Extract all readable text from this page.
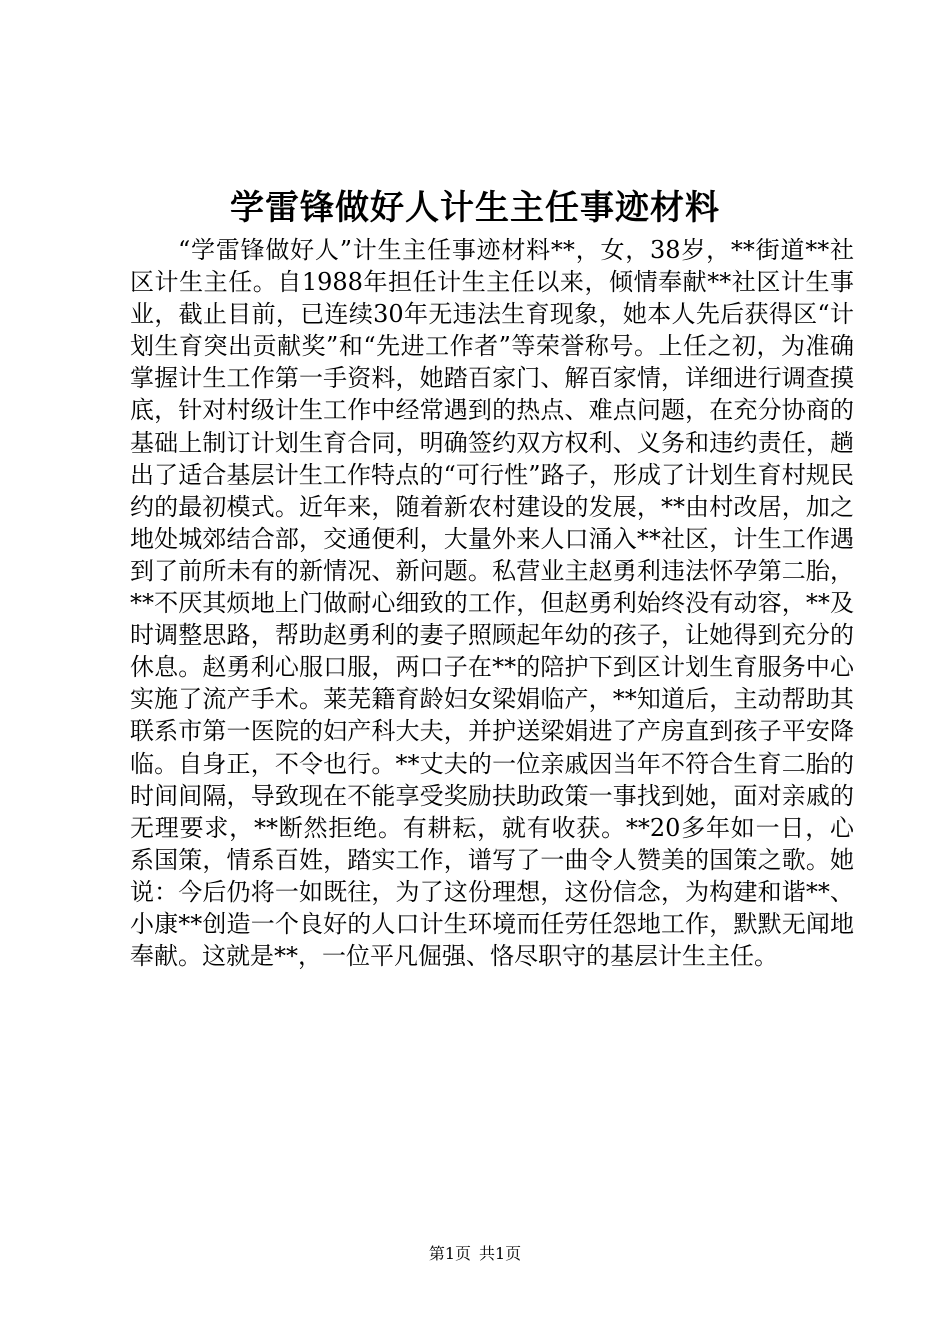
学雷锋做好人计生主任事迹材料

“学雷锋做好人”计生主任事迹材料**，女，38岁，**街道**社区计生主任。自1988年担任计生主任以来，倾情奉献**社区计生事业，截止目前，已连续30年无违法生育现象，她本人先后获得区“计划生育突出贡献奖”和“先进工作者”等荣誉称号。上任之初，为准确掌握计生工作第一手资料，她踏百家门、解百家情，详细进行调查摸底，针对村级计生工作中经常遇到的热点、难点问题，在充分协商的基础上制订计划生育合同，明确签约双方权利、义务和违约责任，趟出了适合基层计生工作特点的“可行性”路子，形成了计划生育村规民约的最初模式。近年来，随着新农村建设的发展，**由村改居，加之地处城郊结合部，交通便利，大量外来人口涌入**社区，计生工作遇到了前所未有的新情况、新问题。私营业主赵勇利违法怀孕第二胎，**不厌其烦地上门做耐心细致的工作，但赵勇利始终没有动容，**及时调整思路，帮助赵勇利的妻子照顾起年幼的孩子，让她得到充分的休息。赵勇利心服口服，两口子在**的陪护下到区计划生育服务中心实施了流产手术。莱芜籍育龄妇女梁娟临产，**知道后，主动帮助其联系市第一医院的妇产科大夫，并护送梁娟进了产房直到孩子平安降临。自身正，不令也行。**丈夫的一位亲戚因当年不符合生育二胎的时间间隔，导致现在不能享受奖励扶助政策一事找到她，面对亲戚的无理要求，**断然拒绝。有耕耘，就有收获。**20多年如一日，心系国策，情系百姓，踏实工作，谱写了一曲令人赞美的国策之歌。她说：今后仍将一如既往，为了这份理想，这份信念，为构建和谐**、小康**创造一个良好的人口计生环境而任劳任怨地工作，默默无闻地奉献。这就是**，一位平凡倔强、恪尽职守的基层计生主任。

第1页 共1页
